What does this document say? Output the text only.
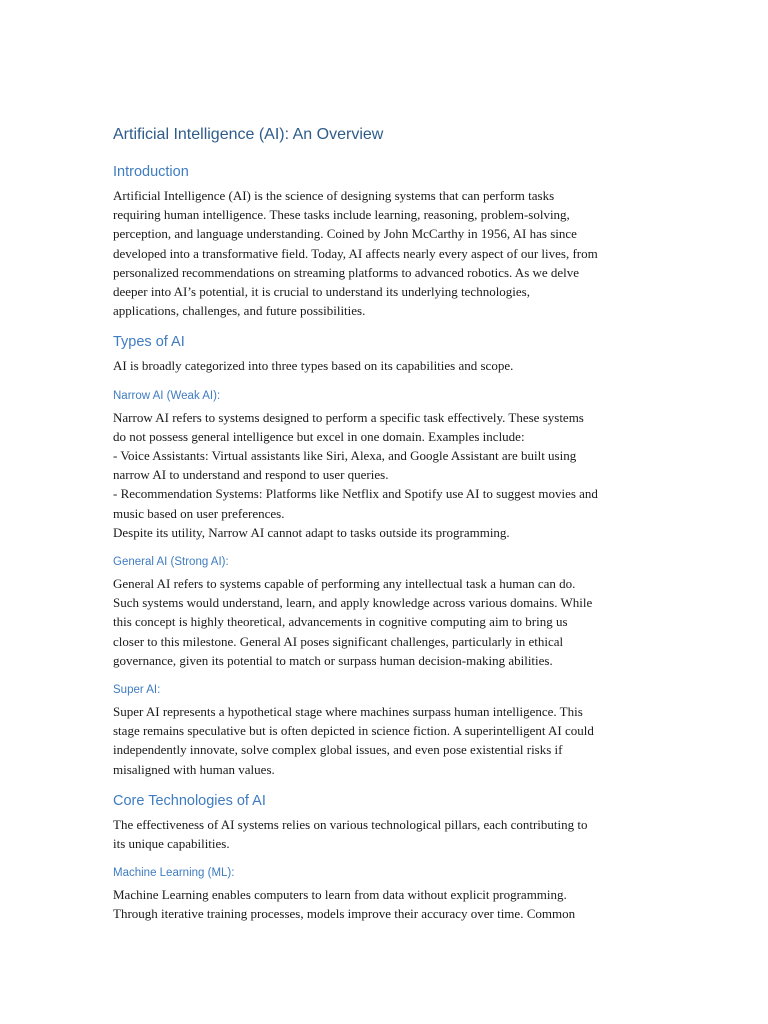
Artificial Intelligence (AI): An Overview
Introduction

Artificial Intelligence (AI) is the science of designing systems that can perform tasks
requiring human intelligence. These tasks include learning, reasoning, problem-solving,
perception, and language understanding. Coined by John McCarthy in 1956, AI has since
developed into a transformative field. Today, AI affects nearly every aspect of our lives, from
personalized recommendations on streaming platforms to advanced robotics. As we delve
deeper into AI’s potential, it is crucial to understand its underlying technologies,
applications, challenges, and future possibilities.

Types of AI

AI is broadly categorized into three types based on its capabilities and scope.

Narrow AI (Weak AI):

Narrow AI refers to systems designed to perform a specific task effectively. These systems
do not possess general intelligence but excel in one domain. Examples include:
- Voice Assistants: Virtual assistants like Siri, Alexa, and Google Assistant are built using
narrow AI to understand and respond to user queries.
- Recommendation Systems: Platforms like Netflix and Spotify use AI to suggest movies and
music based on user preferences.
Despite its utility, Narrow AI cannot adapt to tasks outside its programming.

General AI (Strong AI):

General AI refers to systems capable of performing any intellectual task a human can do.
Such systems would understand, learn, and apply knowledge across various domains. While
this concept is highly theoretical, advancements in cognitive computing aim to bring us
closer to this milestone. General AI poses significant challenges, particularly in ethical
governance, given its potential to match or surpass human decision-making abilities.

Super AI:

Super AI represents a hypothetical stage where machines surpass human intelligence. This
stage remains speculative but is often depicted in science fiction. A superintelligent AI could
independently innovate, solve complex global issues, and even pose existential risks if
misaligned with human values.

Core Technologies of AI

The effectiveness of AI systems relies on various technological pillars, each contributing to
its unique capabilities.

Machine Learning (ML):

Machine Learning enables computers to learn from data without explicit programming.
Through iterative training processes, models improve their accuracy over time. Common
